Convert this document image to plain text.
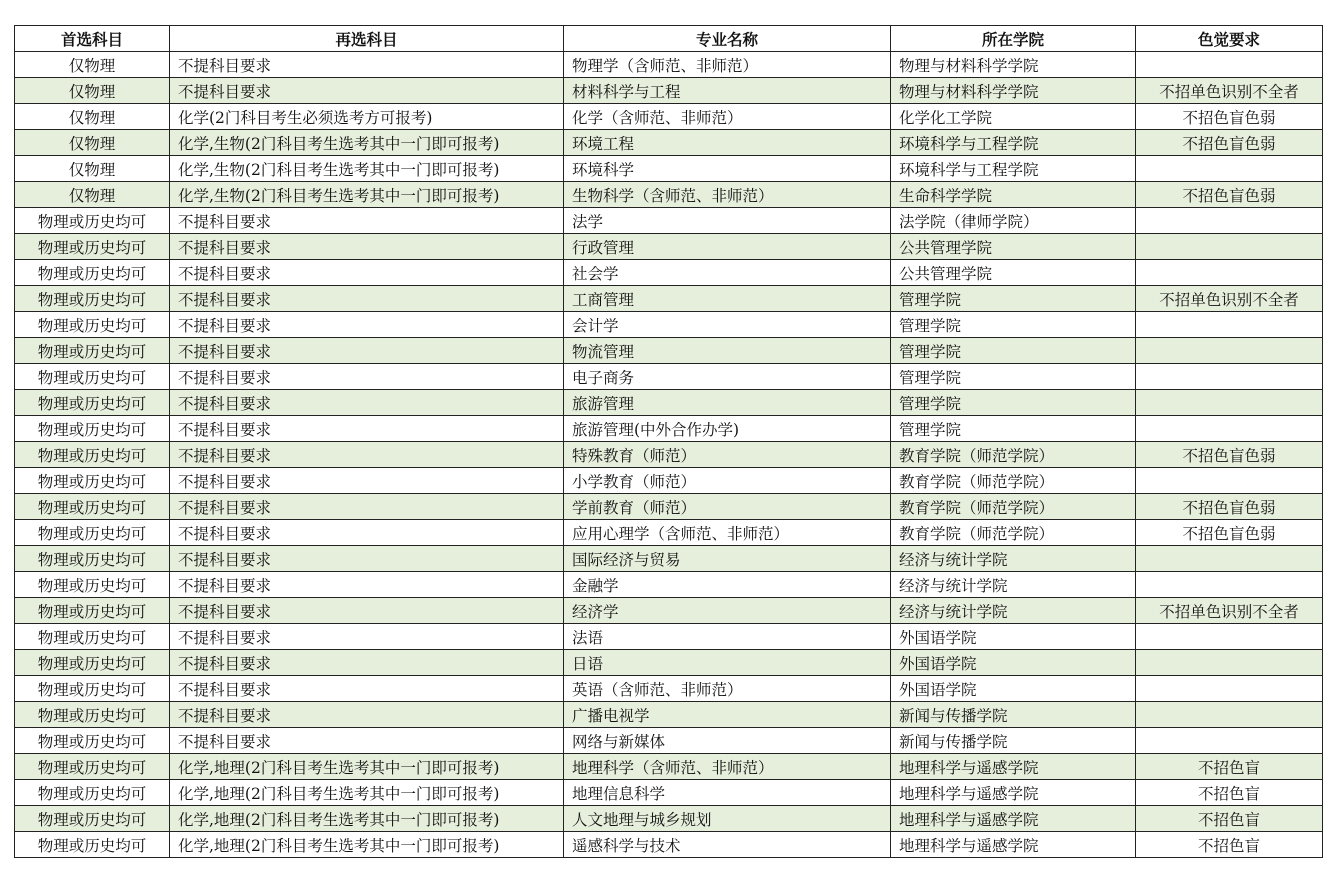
首选科目	再选科目	专业名称	所在学院	色觉要求
仅物理	不提科目要求	物理学（含师范、非师范）	物理与材料科学学院	
仅物理	不提科目要求	材料科学与工程	物理与材料科学学院	不招单色识别不全者
仅物理	化学(2门科目考生必须选考方可报考)	化学（含师范、非师范）	化学化工学院	不招色盲色弱
仅物理	化学,生物(2门科目考生选考其中一门即可报考)	环境工程	环境科学与工程学院	不招色盲色弱
仅物理	化学,生物(2门科目考生选考其中一门即可报考)	环境科学	环境科学与工程学院	
仅物理	化学,生物(2门科目考生选考其中一门即可报考)	生物科学（含师范、非师范）	生命科学学院	不招色盲色弱
物理或历史均可	不提科目要求	法学	法学院（律师学院）	
物理或历史均可	不提科目要求	行政管理	公共管理学院	
物理或历史均可	不提科目要求	社会学	公共管理学院	
物理或历史均可	不提科目要求	工商管理	管理学院	不招单色识别不全者
物理或历史均可	不提科目要求	会计学	管理学院	
物理或历史均可	不提科目要求	物流管理	管理学院	
物理或历史均可	不提科目要求	电子商务	管理学院	
物理或历史均可	不提科目要求	旅游管理	管理学院	
物理或历史均可	不提科目要求	旅游管理(中外合作办学)	管理学院	
物理或历史均可	不提科目要求	特殊教育（师范）	教育学院（师范学院）	不招色盲色弱
物理或历史均可	不提科目要求	小学教育（师范）	教育学院（师范学院）	
物理或历史均可	不提科目要求	学前教育（师范）	教育学院（师范学院）	不招色盲色弱
物理或历史均可	不提科目要求	应用心理学（含师范、非师范）	教育学院（师范学院）	不招色盲色弱
物理或历史均可	不提科目要求	国际经济与贸易	经济与统计学院	
物理或历史均可	不提科目要求	金融学	经济与统计学院	
物理或历史均可	不提科目要求	经济学	经济与统计学院	不招单色识别不全者
物理或历史均可	不提科目要求	法语	外国语学院	
物理或历史均可	不提科目要求	日语	外国语学院	
物理或历史均可	不提科目要求	英语（含师范、非师范）	外国语学院	
物理或历史均可	不提科目要求	广播电视学	新闻与传播学院	
物理或历史均可	不提科目要求	网络与新媒体	新闻与传播学院	
物理或历史均可	化学,地理(2门科目考生选考其中一门即可报考)	地理科学（含师范、非师范）	地理科学与遥感学院	不招色盲
物理或历史均可	化学,地理(2门科目考生选考其中一门即可报考)	地理信息科学	地理科学与遥感学院	不招色盲
物理或历史均可	化学,地理(2门科目考生选考其中一门即可报考)	人文地理与城乡规划	地理科学与遥感学院	不招色盲
物理或历史均可	化学,地理(2门科目考生选考其中一门即可报考)	遥感科学与技术	地理科学与遥感学院	不招色盲
